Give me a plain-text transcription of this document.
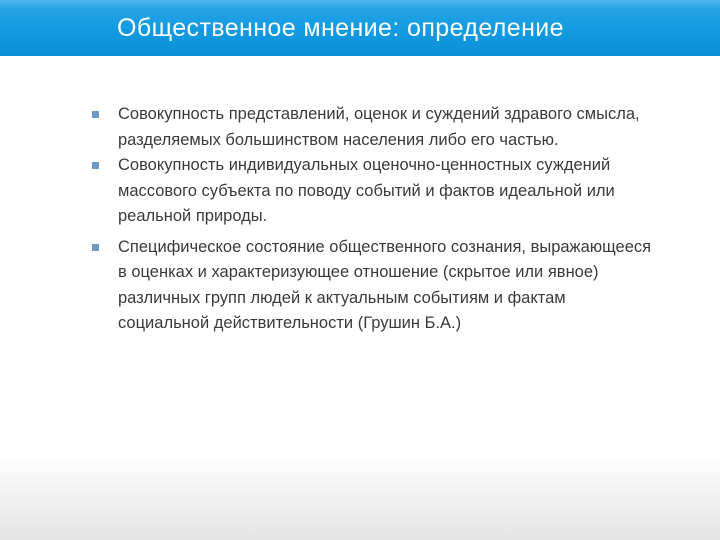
Общественное мнение: определение
Совокупность представлений, оценок и суждений здравого смысла, разделяемых большинством населения либо его частью.
Совокупность индивидуальных оценочно-ценностных суждений массового субъекта по поводу событий и фактов идеальной или реальной природы.
Специфическое состояние общественного сознания, выражающееся в оценках и характеризующее отношение (скрытое или явное) различных групп людей к актуальным событиям и фактам социальной действительности (Грушин Б.А.)
